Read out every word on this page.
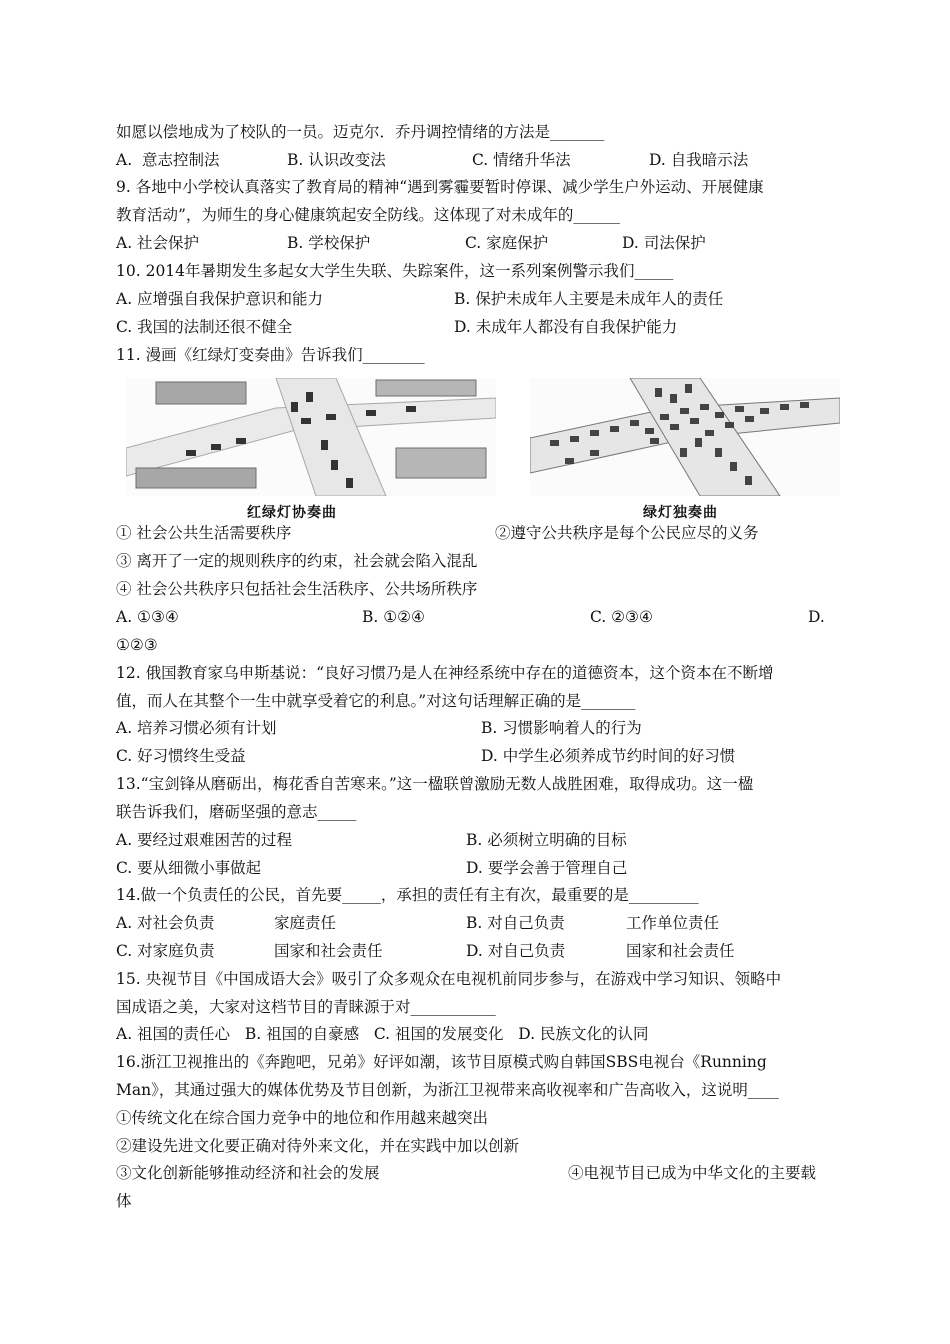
如愿以偿地成为了校队的一员。迈克尔．乔丹调控情绪的方法是_______
A.  意志控制法	B. 认识改变法	C. 情绪升华法	D. 自我暗示法
9. 各地中小学校认真落实了教育局的精神“遇到雾霾要暂时停课、减少学生户外运动、开展健康
教育活动”，为师生的身心健康筑起安全防线。这体现了对未成年的______
A. 社会保护	B. 学校保护	C. 家庭保护	D. 司法保护
10. 2014年暑期发生多起女大学生失联、失踪案件，这一系列案例警示我们_____
A. 应增强自我保护意识和能力	B. 保护未成年人主要是未成年人的责任
C. 我国的法制还很不健全	D. 未成年人都没有自我保护能力
11. 漫画《红绿灯变奏曲》告诉我们________
红绿灯协奏曲	绿灯独奏曲
① 社会公共生活需要秩序	②遵守公共秩序是每个公民应尽的义务
③ 离开了一定的规则秩序的约束，社会就会陷入混乱
④ 社会公共秩序只包括社会生活秩序、公共场所秩序
A. ①③④	B. ①②④	C. ②③④	D.
①②③
12. 俄国教育家乌申斯基说：“良好习惯乃是人在神经系统中存在的道德资本，这个资本在不断增
值，而人在其整个一生中就享受着它的利息。”对这句话理解正确的是_______
A. 培养习惯必须有计划	B. 习惯影响着人的行为
C. 好习惯终生受益	D. 中学生必须养成节约时间的好习惯
13.“宝剑锋从磨砺出，梅花香自苦寒来。”这一楹联曾激励无数人战胜困难，取得成功。这一楹
联告诉我们，磨砺坚强的意志_____
A. 要经过艰难困苦的过程	B. 必须树立明确的目标
C. 要从细微小事做起	D. 要学会善于管理自己
14.做一个负责任的公民，首先要_____，承担的责任有主有次，最重要的是_________
A. 对社会负责	家庭责任	B. 对自己负责	工作单位责任
C. 对家庭负责	国家和社会责任	D. 对自己负责	国家和社会责任
15. 央视节目《中国成语大会》吸引了众多观众在电视机前同步参与，在游戏中学习知识、领略中
国成语之美，大家对这档节目的青睐源于对___________
A. 祖国的责任心   B. 祖国的自豪感   C. 祖国的发展变化   D. 民族文化的认同
16.浙江卫视推出的《奔跑吧，兄弟》好评如潮，该节目原模式购自韩国SBS电视台《Running
Man》，其通过强大的媒体优势及节目创新，为浙江卫视带来高收视率和广告高收入，这说明____
①传统文化在综合国力竞争中的地位和作用越来越突出
②建设先进文化要正确对待外来文化，并在实践中加以创新
③文化创新能够推动经济和社会的发展	④电视节目已成为中华文化的主要载
体
